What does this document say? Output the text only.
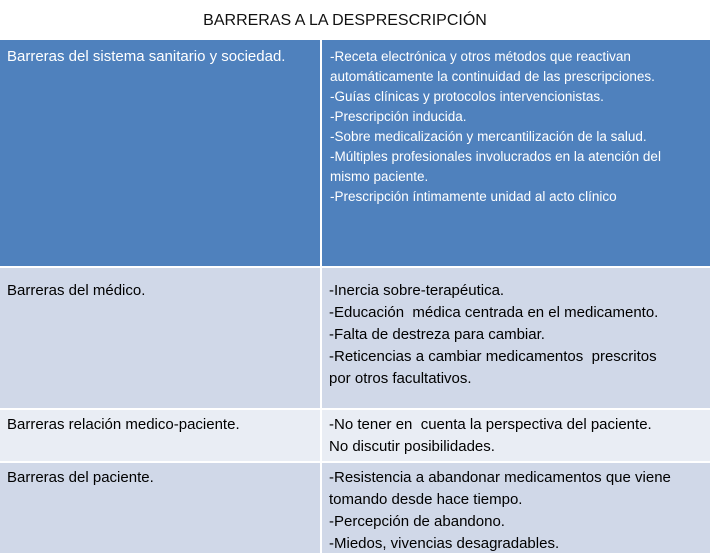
BARRERAS A LA DESPRESCRIPCIÓN
Barreras del sistema sanitario y sociedad.	-Receta electrónica y otros métodos que reactivan
automáticamente la continuidad de las prescripciones.
-Guías clínicas y protocolos intervencionistas.
-Prescripción inducida.
-Sobre medicalización y mercantilización de la salud.
-Múltiples profesionales involucrados en la atención del
mismo paciente.
-Prescripción íntimamente unidad al acto clínico
Barreras del médico.	-Inercia sobre-terapéutica.
-Educación  médica centrada en el medicamento.
-Falta de destreza para cambiar.
-Reticencias a cambiar medicamentos  prescritos
por otros facultativos.
Barreras relación medico-paciente.	-No tener en  cuenta la perspectiva del paciente.
No discutir posibilidades.
Barreras del paciente.	-Resistencia a abandonar medicamentos que viene
tomando desde hace tiempo.
-Percepción de abandono.
-Miedos, vivencias desagradables.
